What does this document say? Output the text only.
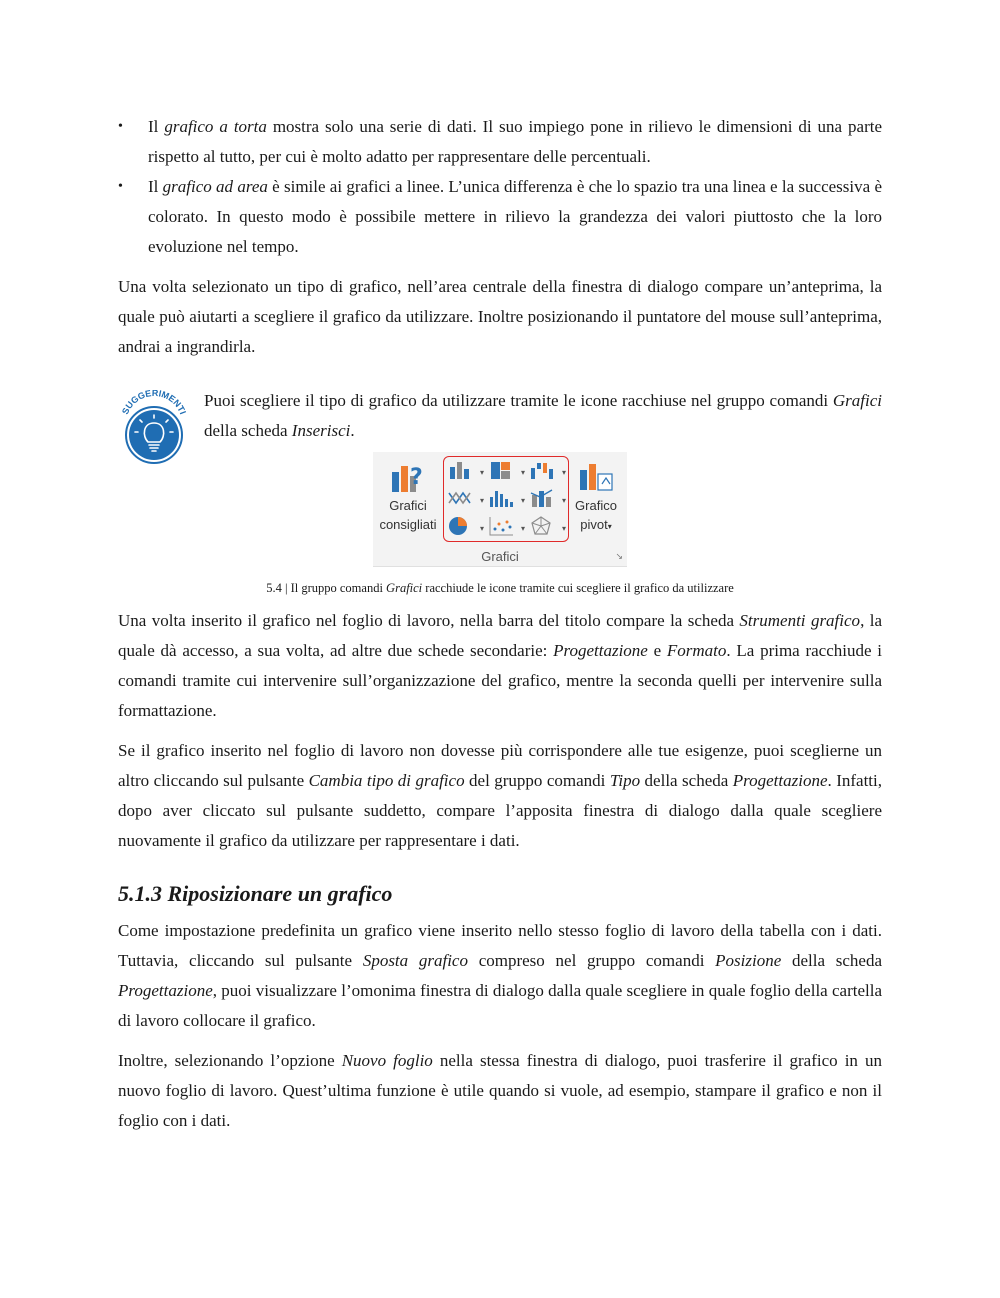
• Il grafico a torta mostra solo una serie di dati. Il suo impiego pone in rilievo le dimensioni di una parte rispetto al tutto, per cui è molto adatto per rappresentare delle percentuali.
• Il grafico ad area è simile ai grafici a linee. L’unica differenza è che lo spazio tra una linea e la successiva è colorato. In questo modo è possibile mettere in rilievo la grandezza dei valori piuttosto che la loro evoluzione nel tempo.

Una volta selezionato un tipo di grafico, nell’area centrale della finestra di dialogo compare un’anteprima, la quale può aiutarti a scegliere il grafico da utilizzare. Inoltre posizionando il puntatore del mouse sull’anteprima, andrai a ingrandirla.

SUGGERIMENTI
Puoi scegliere il tipo di grafico da utilizzare tramite le icone racchiuse nel gruppo comandi Grafici della scheda Inserisci.
?
Grafici
consigliati
▾	▾	▾
▾	▾	▾
▾	▾	▾
Grafico
pivot▾
Grafici	↘
5.4 | Il gruppo comandi Grafici racchiude le icone tramite cui scegliere il grafico da utilizzare

Una volta inserito il grafico nel foglio di lavoro, nella barra del titolo compare la scheda Strumenti grafico, la quale dà accesso, a sua volta, ad altre due schede secondarie: Progettazione e Formato. La prima racchiude i comandi tramite cui intervenire sull’organizzazione del grafico, mentre la seconda quelli per intervenire sulla formattazione.

Se il grafico inserito nel foglio di lavoro non dovesse più corrispondere alle tue esigenze, puoi sceglierne un altro cliccando sul pulsante Cambia tipo di grafico del gruppo comandi Tipo della scheda Progettazione. Infatti, dopo aver cliccato sul pulsante suddetto, compare l’apposita finestra di dialogo dalla quale scegliere nuovamente il grafico da utilizzare per rappresentare i dati.

5.1.3 Riposizionare un grafico

Come impostazione predefinita un grafico viene inserito nello stesso foglio di lavoro della tabella con i dati. Tuttavia, cliccando sul pulsante Sposta grafico compreso nel gruppo comandi Posizione della scheda Progettazione, puoi visualizzare l’omonima finestra di dialogo dalla quale scegliere in quale foglio della cartella di lavoro collocare il grafico.

Inoltre, selezionando l’opzione Nuovo foglio nella stessa finestra di dialogo, puoi trasferire il grafico in un nuovo foglio di lavoro. Quest’ultima funzione è utile quando si vuole, ad esempio, stampare il grafico e non il foglio con i dati.
